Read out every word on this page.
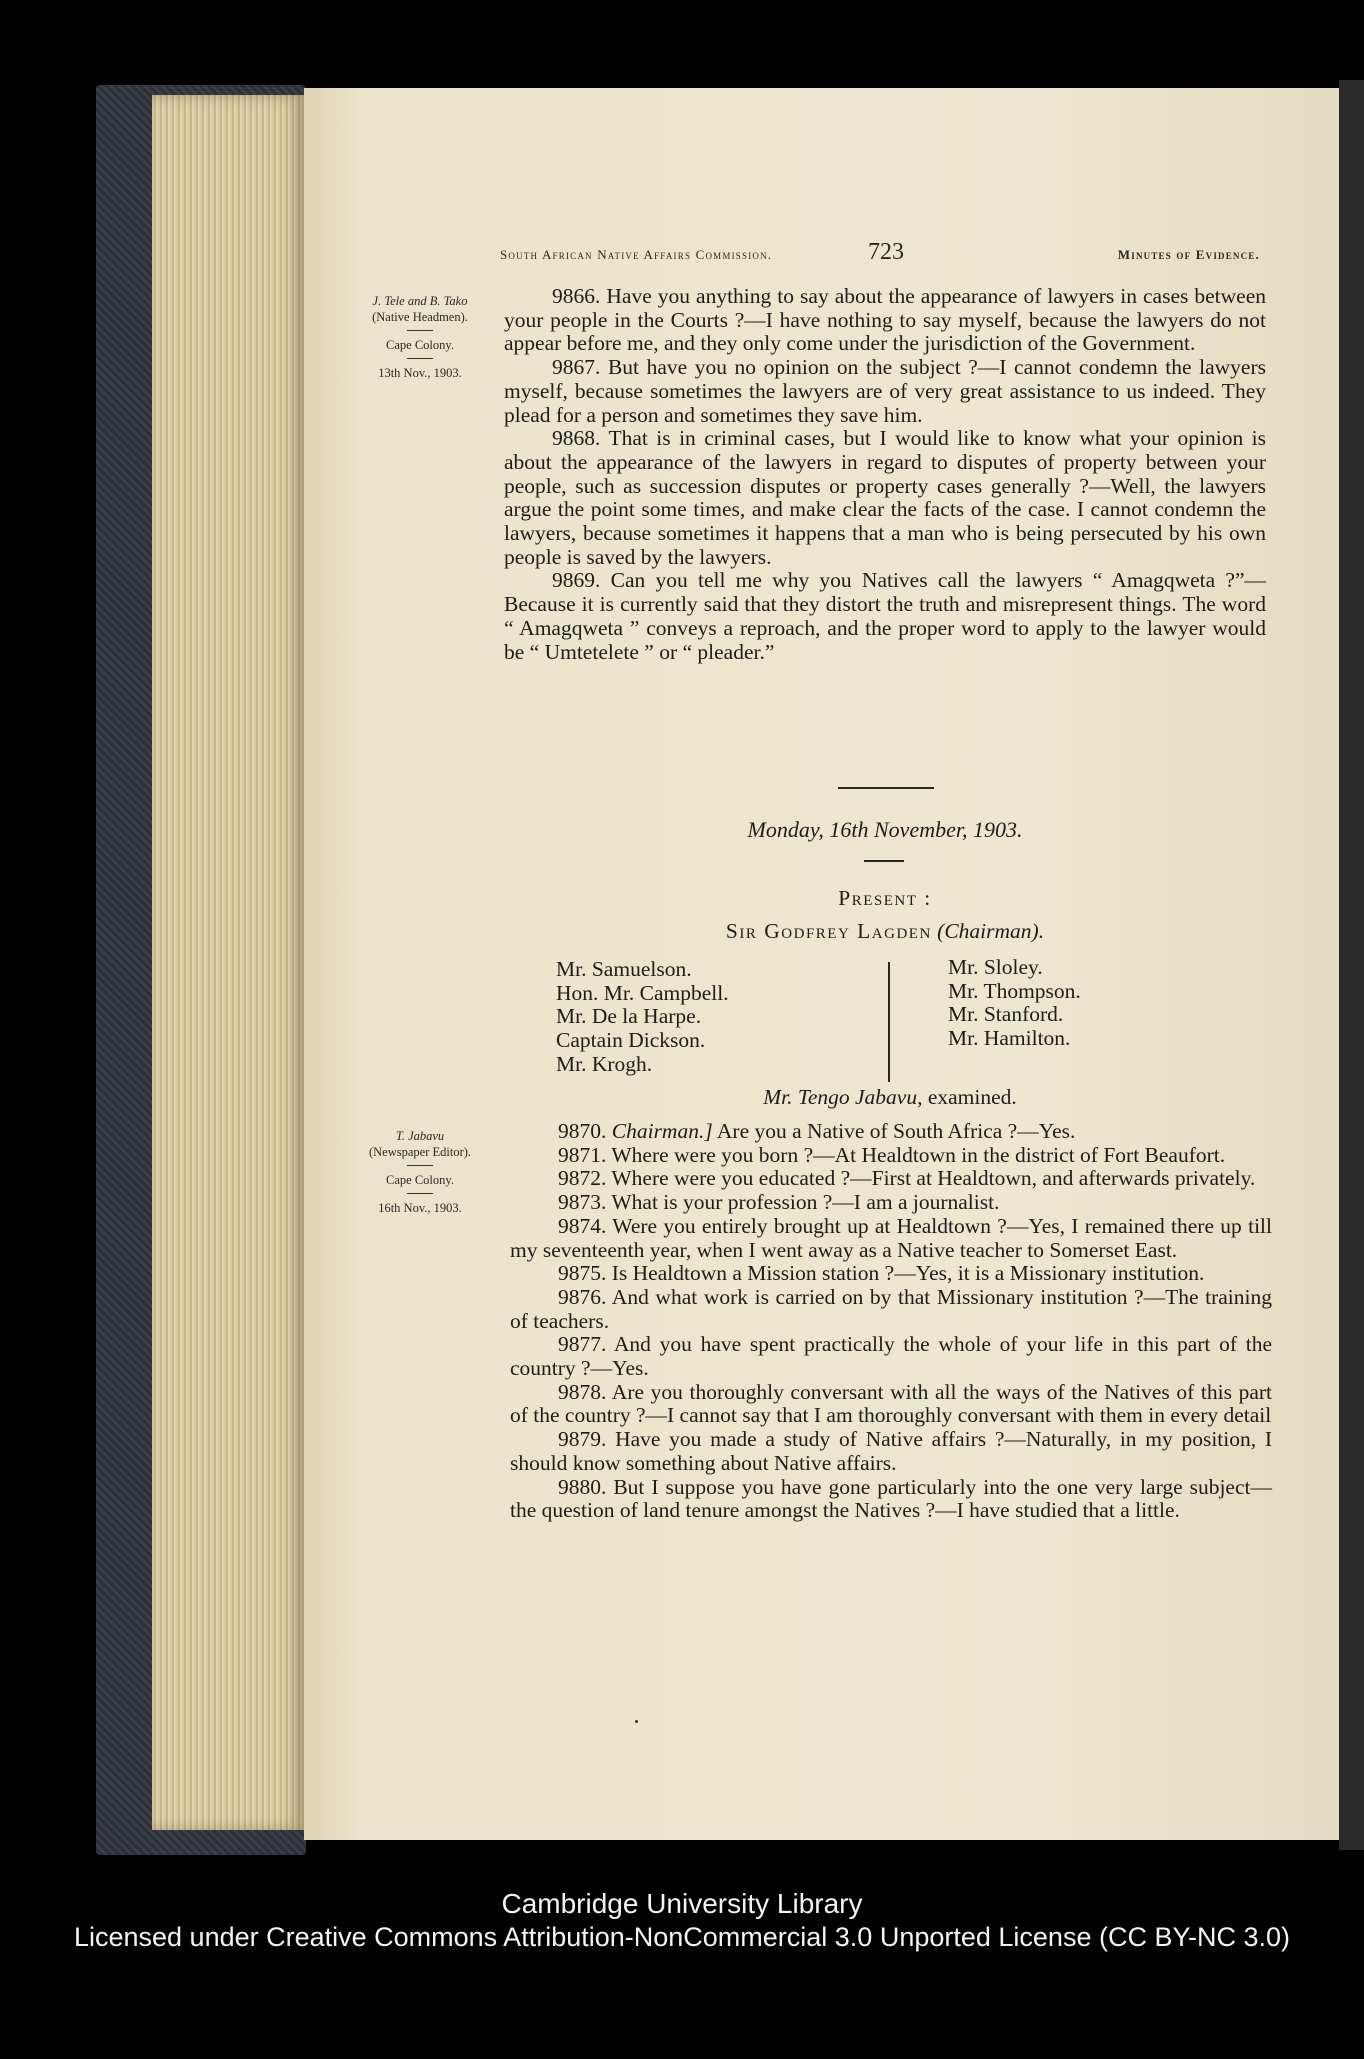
South African Native Affairs Commission.	723	Minutes of Evidence.
J. Tele and B. Tako
(Native Headmen).
Cape Colony.
13th Nov., 1903.

9866. Have you anything to say about the appearance of lawyers in cases between your people in the Courts ?—I have nothing to say myself, because the lawyers do not appear before me, and they only come under the jurisdiction of the Government.

9867. But have you no opinion on the subject ?—I cannot condemn the lawyers myself, because sometimes the lawyers are of very great assistance to us indeed. They plead for a person and sometimes they save him.

9868. That is in criminal cases, but I would like to know what your opinion is about the appearance of the lawyers in regard to disputes of property between your people, such as succession disputes or property cases generally ?—Well, the lawyers argue the point some times, and make clear the facts of the case. I cannot condemn the lawyers, because sometimes it happens that a man who is being persecuted by his own people is saved by the lawyers.

9869. Can you tell me why you Natives call the lawyers “ Amagqweta ?”—Because it is currently said that they distort the truth and misrepresent things. The word “ Amagqweta ” conveys a reproach, and the proper word to apply to the lawyer would be “ Umtetelete ” or “ pleader.”

Monday, 16th November, 1903.
Present :
Sir Godfrey Lagden (Chairman).
Mr. Samuelson.
Hon. Mr. Campbell.
Mr. De la Harpe.
Captain Dickson.
Mr. Krogh.
Mr. Sloley.
Mr. Thompson.
Mr. Stanford.
Mr. Hamilton.
Mr. Tengo Jabavu, examined.
T. Jabavu
(Newspaper Editor).
Cape Colony.
16th Nov., 1903.

9870. Chairman.] Are you a Native of South Africa ?—Yes.

9871. Where were you born ?—At Healdtown in the district of Fort Beaufort.

9872. Where were you educated ?—First at Healdtown, and afterwards privately.

9873. What is your profession ?—I am a journalist.

9874. Were you entirely brought up at Healdtown ?—Yes, I remained there up till my seventeenth year, when I went away as a Native teacher to Somerset East.

9875. Is Healdtown a Mission station ?—Yes, it is a Missionary institution.

9876. And what work is carried on by that Missionary institution ?—The training of teachers.

9877. And you have spent practically the whole of your life in this part of the country ?—Yes.

9878. Are you thoroughly conversant with all the ways of the Natives of this part of the country ?—I cannot say that I am thoroughly conversant with them in every detail

9879. Have you made a study of Native affairs ?—Naturally, in my position, I should know something about Native affairs.

9880. But I suppose you have gone particularly into the one very large subject—the question of land tenure amongst the Natives ?—I have studied that a little.

Cambridge University Library
Licensed under Creative Commons Attribution-NonCommercial 3.0 Unported License (CC BY-NC 3.0)
